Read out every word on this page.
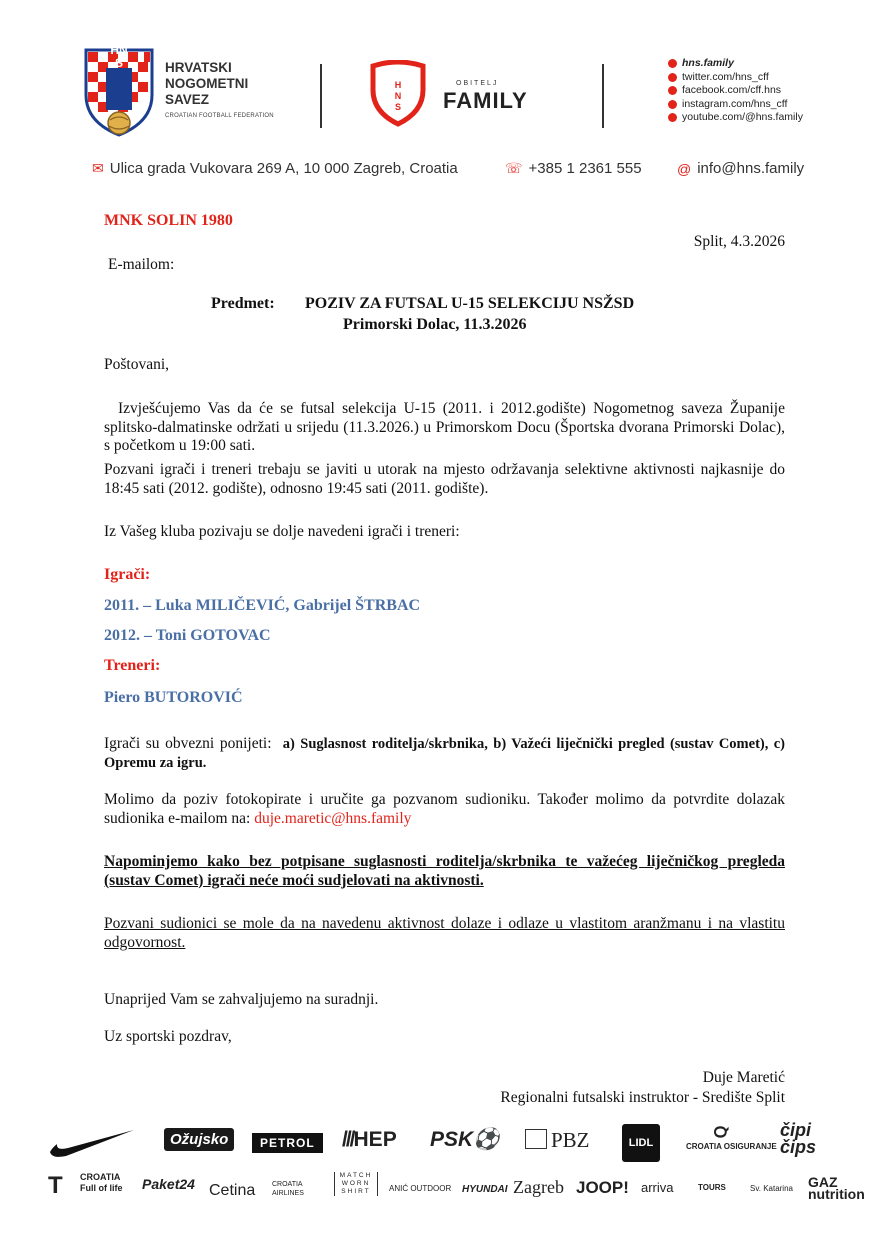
HNS	HRVATSKI
NOGOMETNI
SAVEZ
CROATIAN FOOTBALL FEDERATION
H
N
S
OBITELJ
FAMILY
hns.family
twitter.com/hns_cff
facebook.com/cff.hns
instagram.com/hns_cff
youtube.com/@hns.family
✉ Ulica grada Vukovara 269 A, 10 000 Zagreb, Croatia	☏ +385 1 2361 555	@ info@hns.family
MNK SOLIN 1980
Split, 4.3.2026
E-mailom:
Predmet: POZIV ZA FUTSAL U-15 SELEKCIJU NSŽSD
Primorski Dolac, 11.3.2026
Poštovani,
Izvješćujemo Vas da će se futsal selekcija U-15 (2011. i 2012.godište) Nogometnog saveza Županije splitsko-dalmatinske održati u srijedu (11.3.2026.) u Primorskom Docu (Športska dvorana Primorski Dolac), s početkom u 19:00 sati.
Pozvani igrači i treneri trebaju se javiti u utorak na mjesto održavanja selektivne aktivnosti najkasnije do 18:45 sati (2012. godište), odnosno 19:45 sati (2011. godište).
Iz Vašeg kluba pozivaju se dolje navedeni igrači i treneri:
Igrači:
2011. – Luka MILIČEVIĆ, Gabrijel ŠTRBAC
2012. – Toni GOTOVAC
Treneri:
Piero BUTOROVIĆ
Igrači su obvezni ponijeti: a) Suglasnost roditelja/skrbnika, b) Važeći liječnički pregled (sustav Comet), c) Opremu za igru.
Molimo da poziv fotokopirate i uručite ga pozvanom sudioniku. Također molimo da potvrdite dolazak sudionika e-mailom na: duje.maretic@hns.family
Napominjemo kako bez potpisane suglasnosti roditelja/skrbnika te važećeg liječničkog pregleda (sustav Comet) igrači neće moći sudjelovati na aktivnosti.
Pozvani sudionici se mole da na navedenu aktivnost dolaze i odlaze u vlastitom aranžmanu i na vlastitu odgovornost.
Unaprijed Vam se zahvaljujemo na suradnji.
Uz sportski pozdrav,
Duje Maretić
Regionalni futsalski instruktor - Središte Split
Ožujsko	PETROL	///HEP PSK⚽	PBZ	LIDL
℺
CROATIA OSIGURANJE
čipi čips
T CROATIA Full of life	Paket24 Cetina CROATIA AIRLINES
MATCH WORN SHIRT	ANIĆ OUTDOOR HYUNDAI Zagreb JOOP! arriva	TOURS	Sv. Katarina GAZ nutrition
